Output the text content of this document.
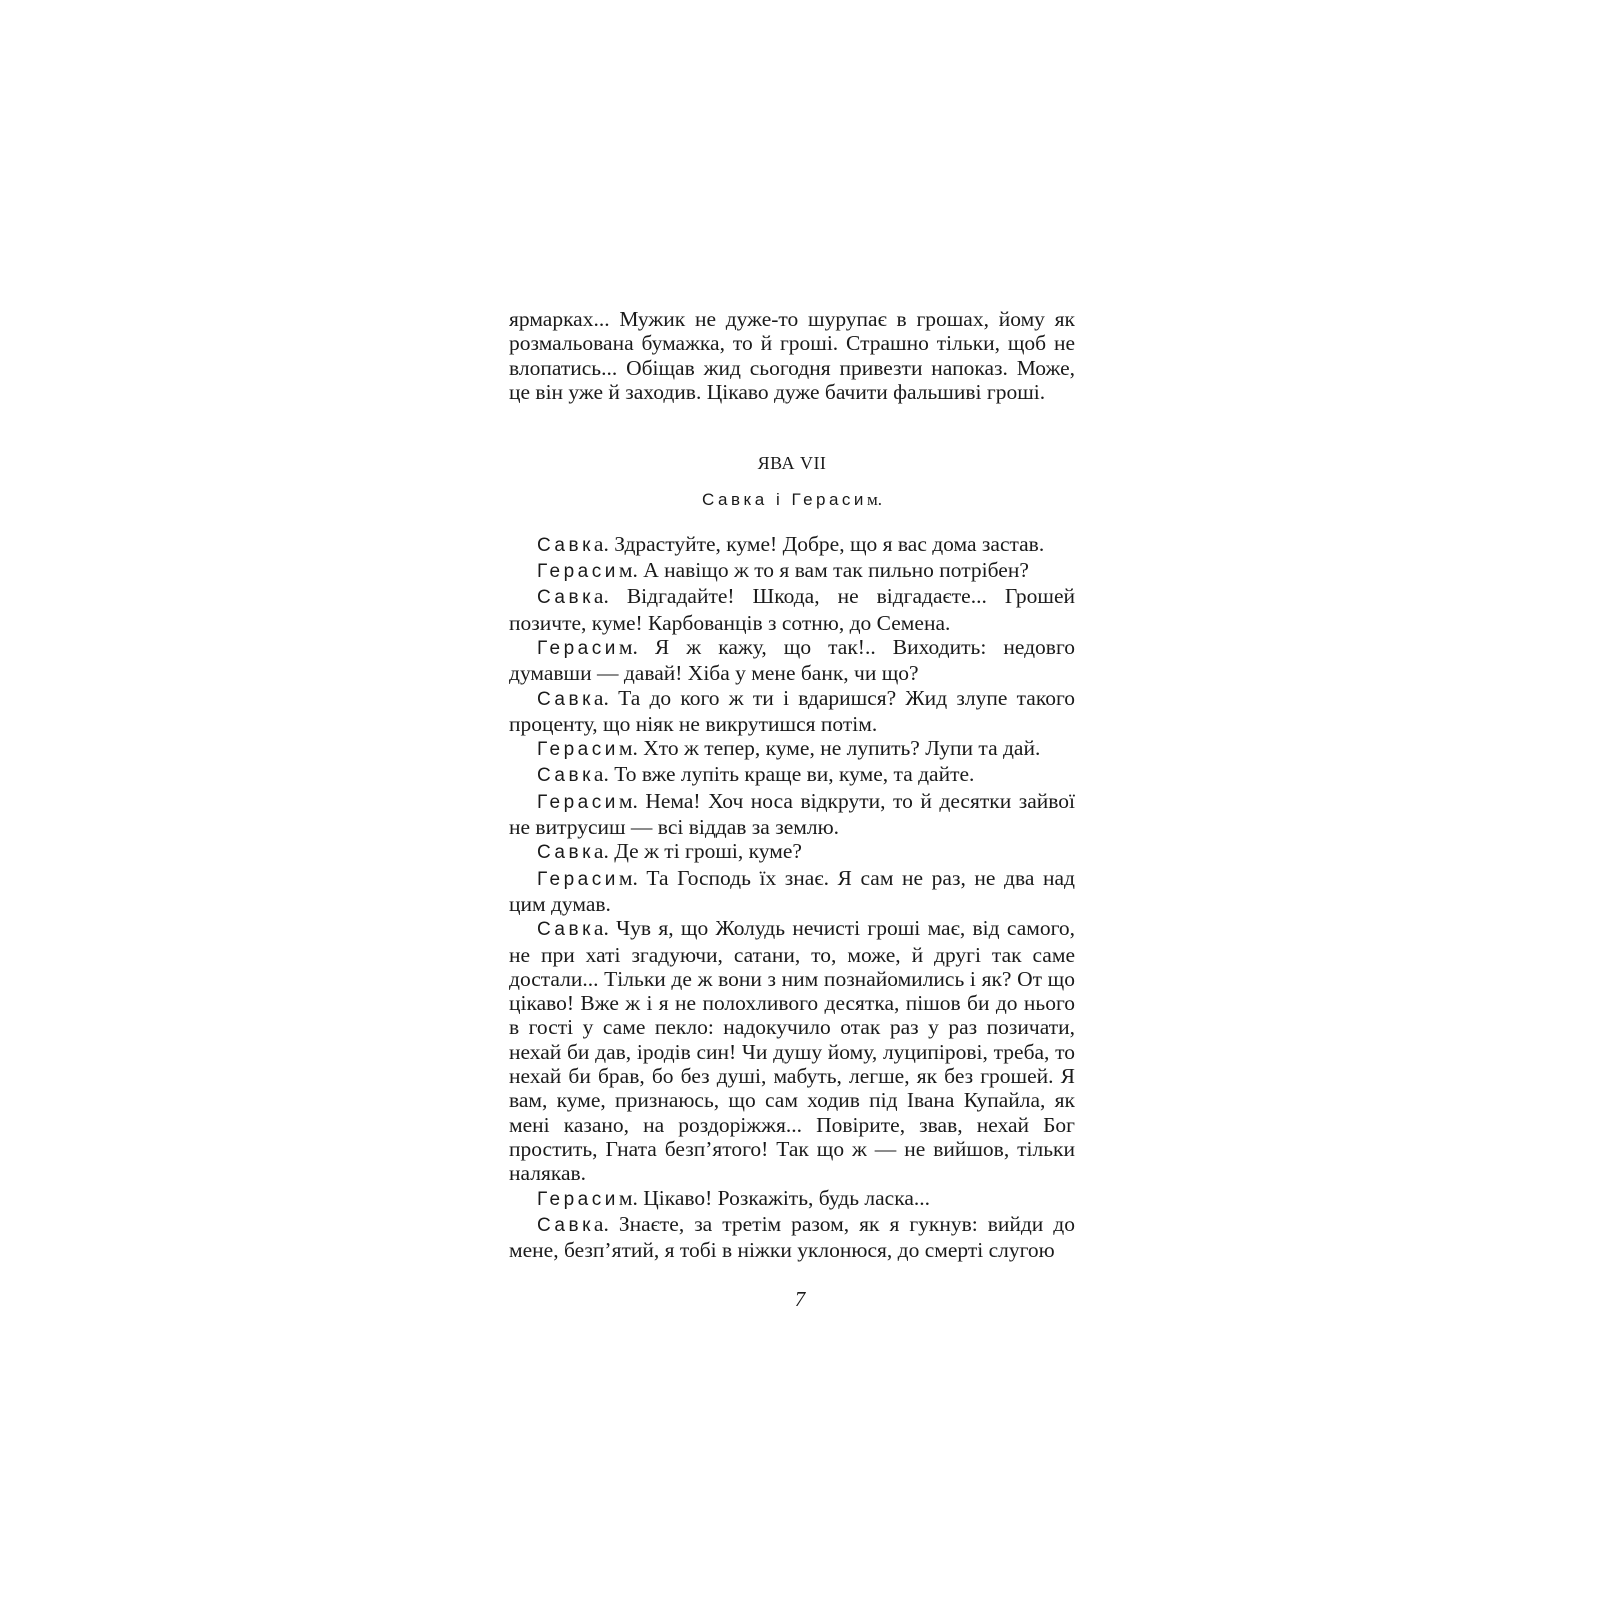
ярмарках... Мужик не дуже-то шурупає в грошах, йому як розмальована бумажка, то й гроші. Страшно тільки, щоб не влопатись... Обіщав жид сьогодня привезти напоказ. Може, це він уже й заходив. Цікаво дуже бачити фальшиві гроші.

ЯВА VII
Савка і Герасим.

Савка. Здрастуйте, куме! Добре, що я вас дома застав.

Герасим. А навіщо ж то я вам так пильно потрібен?

Савка. Відгадайте! Шкода, не відгадаєте... Грошей позичте, куме! Карбованців з сотню, до Семена.

Герасим. Я ж кажу, що так!.. Виходить: недовго думавши — давай! Хіба у мене банк, чи що?

Савка. Та до кого ж ти і вдаришся? Жид злупе такого проценту, що ніяк не викрутишся потім.

Герасим. Хто ж тепер, куме, не лупить? Лупи та дай.

Савка. То вже лупіть краще ви, куме, та дайте.

Герасим. Нема! Хоч носа відкрути, то й десятки зайвої не витрусиш — всі віддав за землю.

Савка. Де ж ті гроші, куме?

Герасим. Та Господь їх знає. Я сам не раз, не два над цим думав.

Савка. Чув я, що Жолудь нечисті гроші має, від самого, не при хаті згадуючи, сатани, то, може, й другі так саме достали... Тільки де ж вони з ним познайомились і як? От що цікаво! Вже ж і я не полохливого десятка, пішов би до нього в гості у саме пекло: надокучило отак раз у раз позичати, нехай би дав, іродів син! Чи душу йому, луципірові, треба, то нехай би брав, бо без душі, мабуть, легше, як без грошей. Я вам, куме, признаюсь, що сам ходив під Івана Купайла, як мені казано, на роздоріжжя... Повірите, звав, нехай Бог простить, Гната безп’ятого! Так що ж — не вийшов, тільки налякав.

Герасим. Цікаво! Розкажіть, будь ласка...

Савка. Знаєте, за третім разом, як я гукнув: вийди до мене, безп’ятий, я тобі в ніжки уклонюся, до смерті слугою

7
